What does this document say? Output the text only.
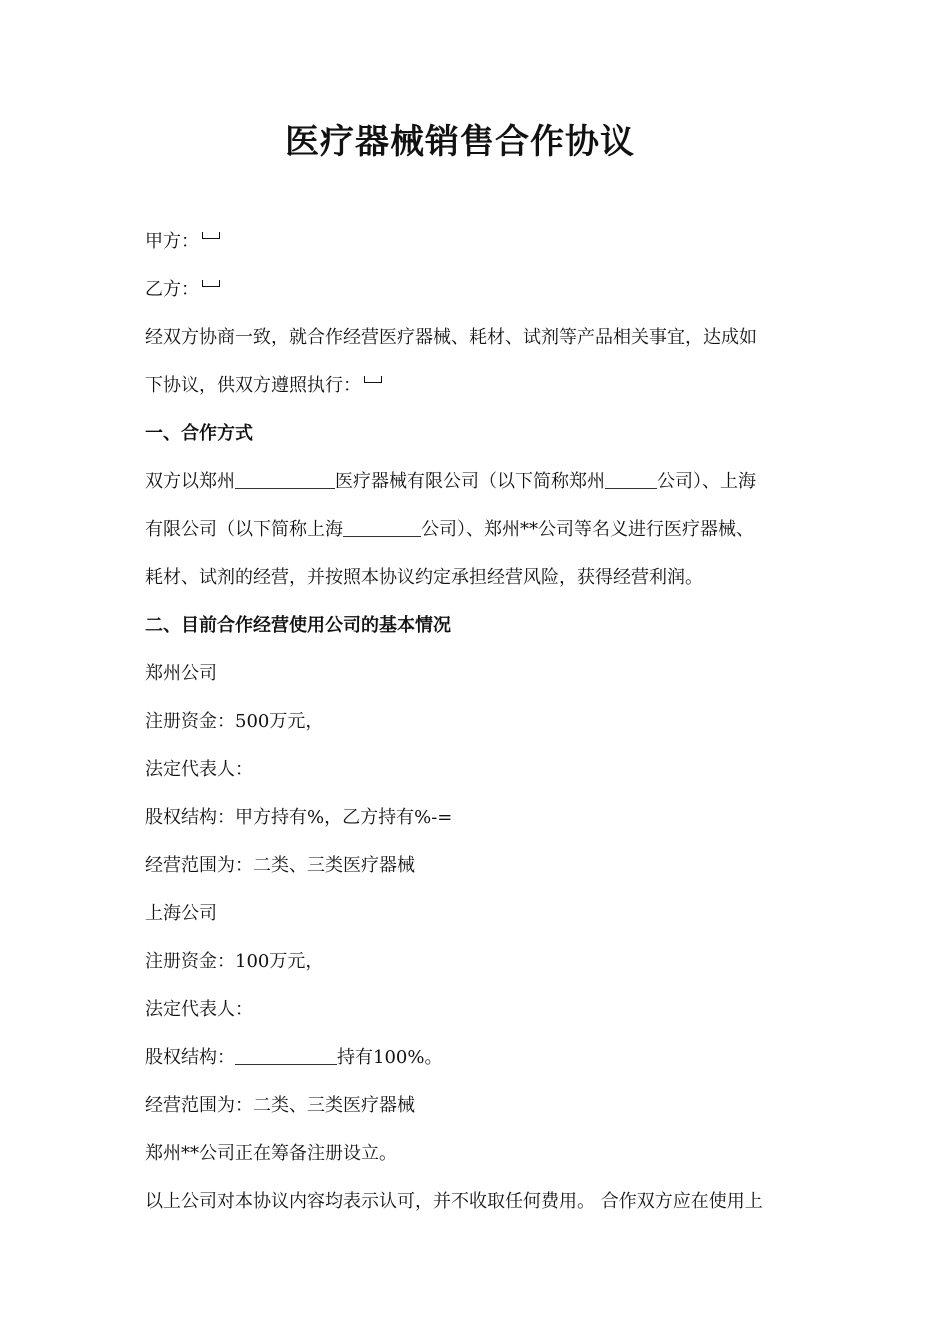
医疗器械销售合作协议
甲方：
乙方：
经双方协商一致，就合作经营医疗器械、耗材、试剂等产品相关事宜，达成如
下协议，供双方遵照执行：
一、合作方式
双方以郑州	医疗器械有限公司（以下简称郑州	公司）、上海
有限公司（以下简称上海	公司）、郑州**公司等名义进行医疗器械、
耗材、试剂的经营，并按照本协议约定承担经营风险，获得经营利润。
二、目前合作经营使用公司的基本情况
郑州公司
注册资金：500万元，
法定代表人：
股权结构：甲方持有%，乙方持有%-=
经营范围为：二类、三类医疗器械
上海公司
注册资金：100万元，
法定代表人：
股权结构：	持有100%。
经营范围为：二类、三类医疗器械
郑州**公司正在筹备注册设立。
以上公司对本协议内容均表示认可，并不收取任何费用。 合作双方应在使用上
